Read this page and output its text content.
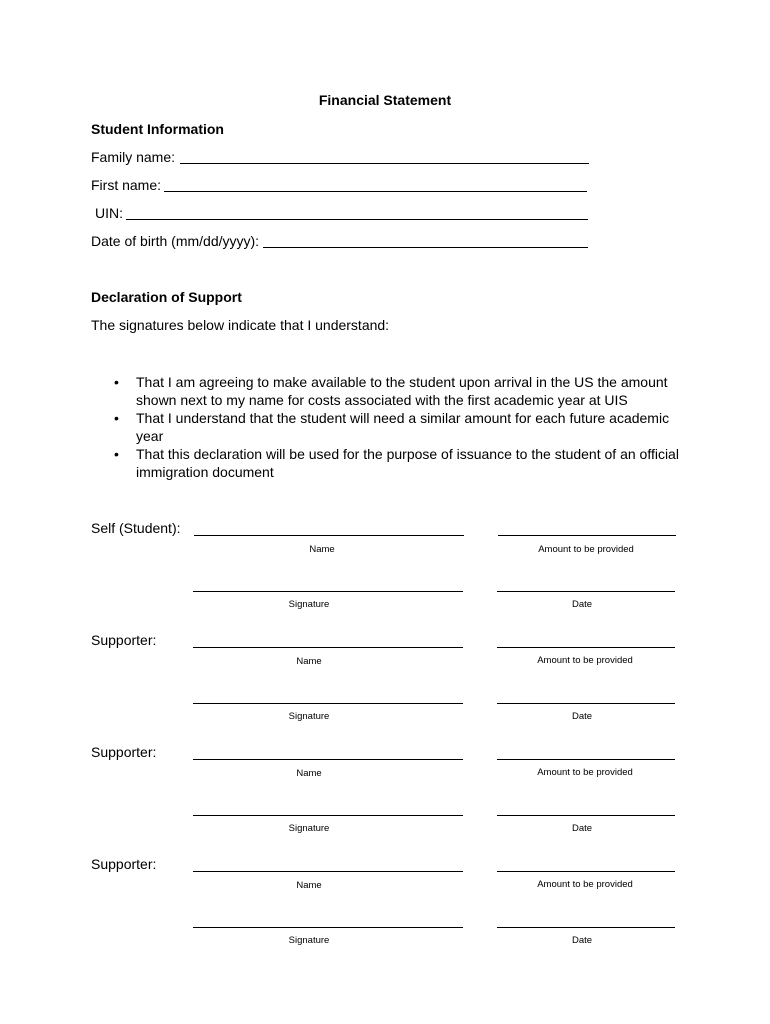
Financial Statement
Student Information
Family name:
First name:
UIN:
Date of birth (mm/dd/yyyy):
Declaration of Support
The signatures below indicate that I understand:
• That I am agreeing to make available to the student upon arrival in the US the amount shown next to my name for costs associated with the first academic year at UIS
• That I understand that the student will need a similar amount for each future academic year
• That this declaration will be used for the purpose of issuance to the student of an official immigration document
Self (Student):
Name	Amount to be provided
Signature	Date
Supporter:
Name	Amount to be provided
Signature	Date
Supporter:
Name	Amount to be provided
Signature	Date
Supporter:
Name	Amount to be provided
Signature	Date
